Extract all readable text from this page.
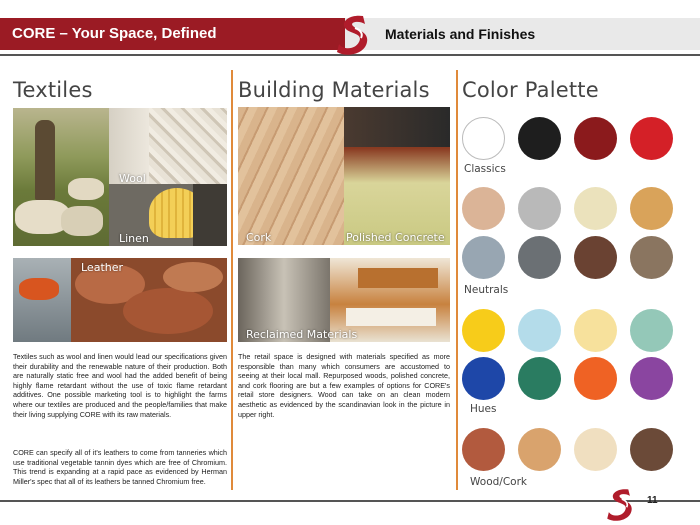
CORE – Your Space, Defined	Materials and Finishes
Textiles
Wool
Linen
Leather
Textiles such as wool and linen would lead our specifications given their durability and the renewable nature of their production. Both are naturally static free and wool had the added benefit of being highly flame retardant without the use of toxic flame retardant additives. One possible marketing tool is to highlight the farms where our textiles are produced and the people/families that make their living supplying CORE with its raw materials.
CORE can specify all of it's leathers to come from tanneries which use traditional vegetable tannin dyes which are free of Chromium. This trend is expanding at a rapid pace as evidenced by Herman Miller's spec that all of its leathers be tanned Chromium free.
Building Materials
Cork	Polished Concrete
Reclaimed Materials
The retail space is designed with materials specified as more responsible than many which consumers are accustomed to seeing at their local mall. Repurposed woods, polished concrete, and cork flooring are but a few examples of options for CORE's retail store designers. Wood can take on an clean modern aesthetic as evidenced by the scandinavian look in the picture in upper right.
Color Palette
Classics
Neutrals
Hues
Wood/Cork
11
